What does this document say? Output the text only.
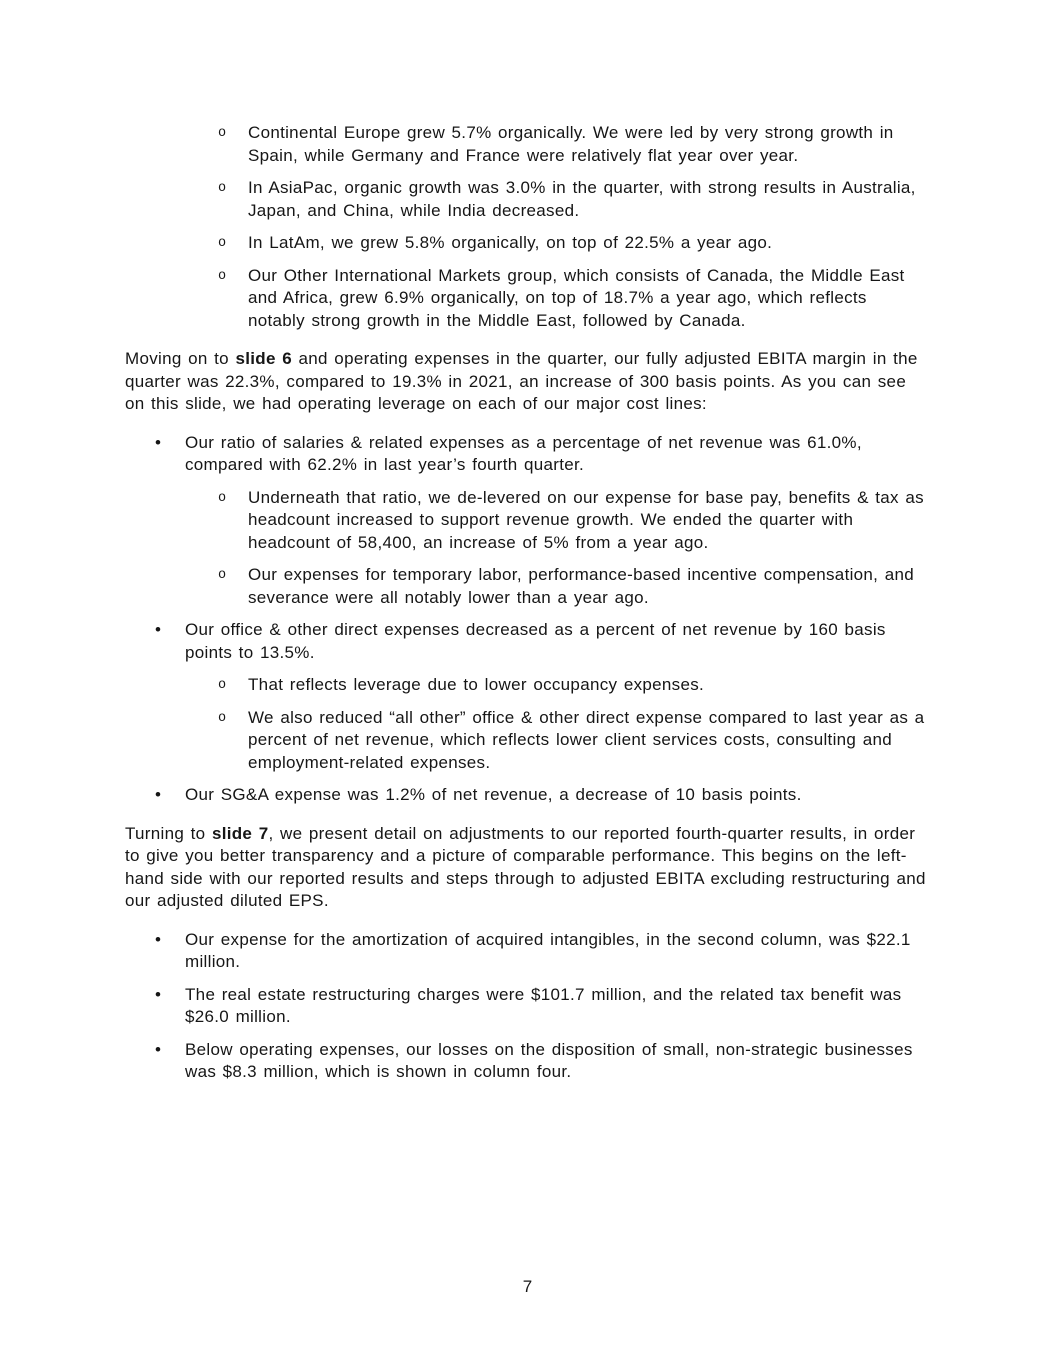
o Continental Europe grew 5.7% organically. We were led by very strong growth in Spain, while Germany and France were relatively flat year over year.
o In AsiaPac, organic growth was 3.0% in the quarter, with strong results in Australia, Japan, and China, while India decreased.
o In LatAm, we grew 5.8% organically, on top of 22.5% a year ago.
o Our Other International Markets group, which consists of Canada, the Middle East and Africa, grew 6.9% organically, on top of 18.7% a year ago, which reflects notably strong growth in the Middle East, followed by Canada.

Moving on to slide 6 and operating expenses in the quarter, our fully adjusted EBITA margin in the quarter was 22.3%, compared to 19.3% in 2021, an increase of 300 basis points. As you can see on this slide, we had operating leverage on each of our major cost lines:

• Our ratio of salaries & related expenses as a percentage of net revenue was 61.0%, compared with 62.2% in last year’s fourth quarter.
o Underneath that ratio, we de-levered on our expense for base pay, benefits & tax as headcount increased to support revenue growth. We ended the quarter with headcount of 58,400, an increase of 5% from a year ago.
o Our expenses for temporary labor, performance-based incentive compensation, and severance were all notably lower than a year ago.
• Our office & other direct expenses decreased as a percent of net revenue by 160 basis points to 13.5%.
o That reflects leverage due to lower occupancy expenses.
o We also reduced “all other” office & other direct expense compared to last year as a percent of net revenue, which reflects lower client services costs, consulting and employment-related expenses.
• Our SG&A expense was 1.2% of net revenue, a decrease of 10 basis points.

Turning to slide 7, we present detail on adjustments to our reported fourth-quarter results, in order to give you better transparency and a picture of comparable performance. This begins on the left-hand side with our reported results and steps through to adjusted EBITA excluding restructuring and our adjusted diluted EPS.

• Our expense for the amortization of acquired intangibles, in the second column, was $22.1 million.
• The real estate restructuring charges were $101.7 million, and the related tax benefit was $26.0 million.
• Below operating expenses, our losses on the disposition of small, non-strategic businesses was $8.3 million, which is shown in column four.
7
